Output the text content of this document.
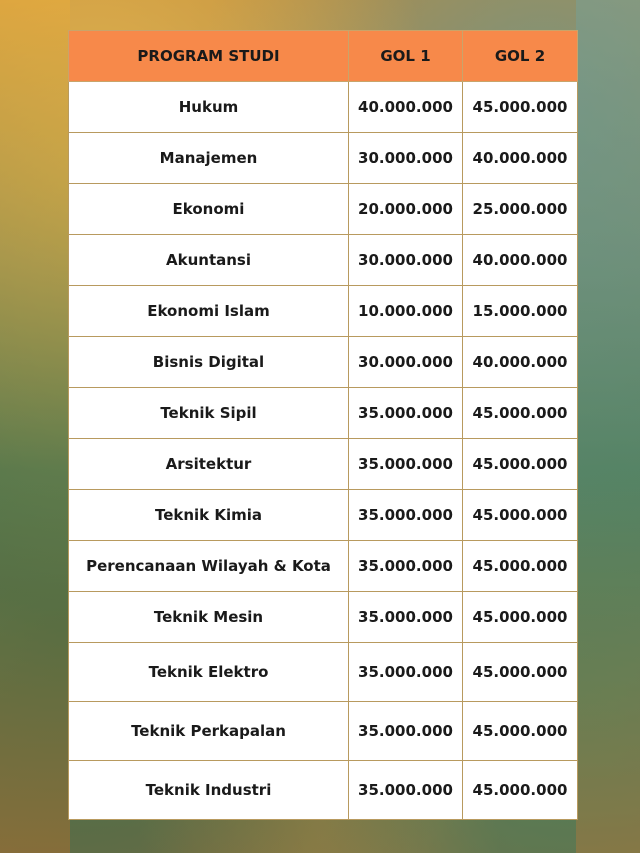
PROGRAM STUDI	GOL 1	GOL 2
Hukum	40.000.000	45.000.000
Manajemen	30.000.000	40.000.000
Ekonomi	20.000.000	25.000.000
Akuntansi	30.000.000	40.000.000
Ekonomi Islam	10.000.000	15.000.000
Bisnis Digital	30.000.000	40.000.000
Teknik Sipil	35.000.000	45.000.000
Arsitektur	35.000.000	45.000.000
Teknik Kimia	35.000.000	45.000.000
Perencanaan Wilayah & Kota	35.000.000	45.000.000
Teknik Mesin	35.000.000	45.000.000
Teknik Elektro	35.000.000	45.000.000
Teknik Perkapalan	35.000.000	45.000.000
Teknik Industri	35.000.000	45.000.000
